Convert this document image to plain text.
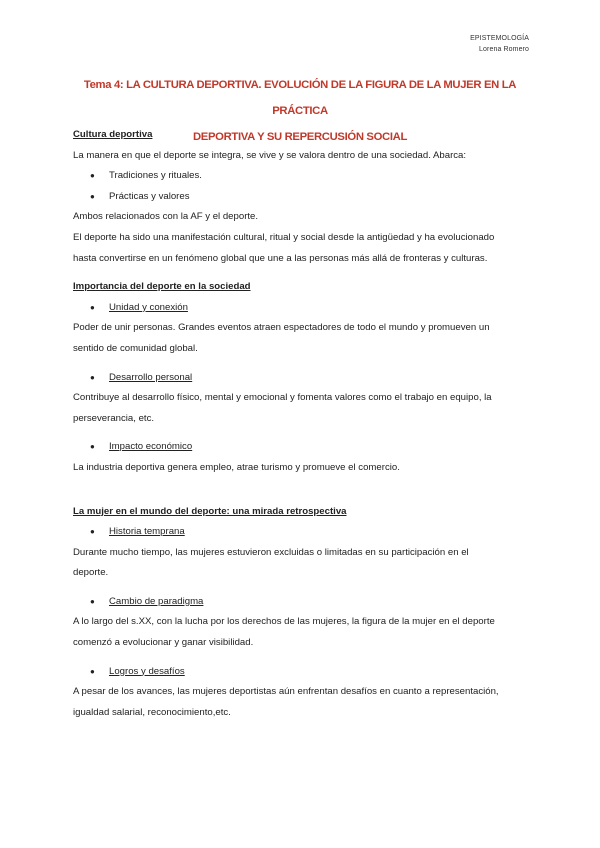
EPISTEMOLOGÍA
Lorena Romero
Tema 4: LA CULTURA DEPORTIVA. EVOLUCIÓN DE LA FIGURA DE LA MUJER EN LA PRÁCTICA
DEPORTIVA Y SU REPERCUSIÓN SOCIAL

Cultura deportiva

La manera en que el deporte se integra, se vive y se valora dentro de una sociedad. Abarca:

● Tradiciones y rituales.
● Prácticas y valores

Ambos relacionados con la AF y el deporte.

El deporte ha sido una manifestación cultural, ritual y social desde la antigüedad y ha evolucionado

hasta convertirse en un fenómeno global que une a las personas más allá de fronteras y culturas.

Importancia del deporte en la sociedad

● Unidad y conexión

Poder de unir personas. Grandes eventos atraen espectadores de todo el mundo y promueven un

sentido de comunidad global.

● Desarrollo personal

Contribuye al desarrollo físico, mental y emocional y fomenta valores como el trabajo en equipo, la

perseverancia, etc.

● Impacto económico

La industria deportiva genera empleo, atrae turismo y promueve el comercio.

La mujer en el mundo del deporte: una mirada retrospectiva

● Historia temprana

Durante mucho tiempo, las mujeres estuvieron excluidas o limitadas en su participación en el

deporte.

● Cambio de paradigma

A lo largo del s.XX, con la lucha por los derechos de las mujeres, la figura de la mujer en el deporte

comenzó a evolucionar y ganar visibilidad.

● Logros y desafíos

A pesar de los avances, las mujeres deportistas aún enfrentan desafíos en cuanto a representación,

igualdad salarial, reconocimiento,etc.
